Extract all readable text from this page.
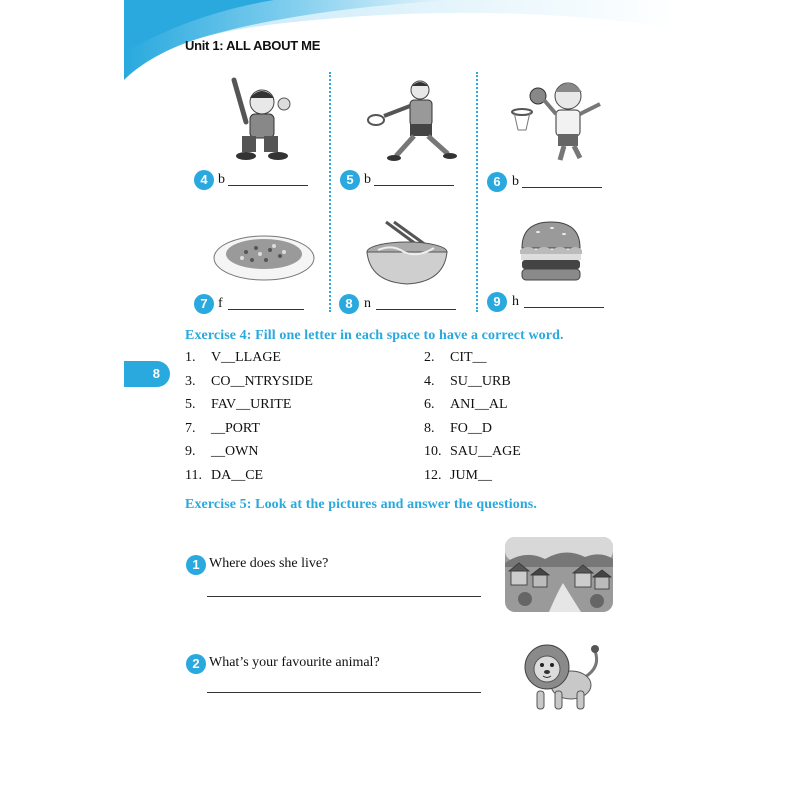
Unit 1: ALL ABOUT ME
4 b	5 b	6 b
7 f	8 n	9 h
Exercise 4: Fill one letter in each space to have a correct word.
8
1. V__LLAGE	2. CIT__
3. CO__NTRYSIDE	4. SU__URB
5. FAV__URITE	6. ANI__AL
7. __PORT	8. FO__D
9. __OWN	10. SAU__AGE
11. DA__CE	12. JUM__
Exercise 5: Look at the pictures and answer the questions.
1 Where does she live?
2 What’s your favourite animal?
